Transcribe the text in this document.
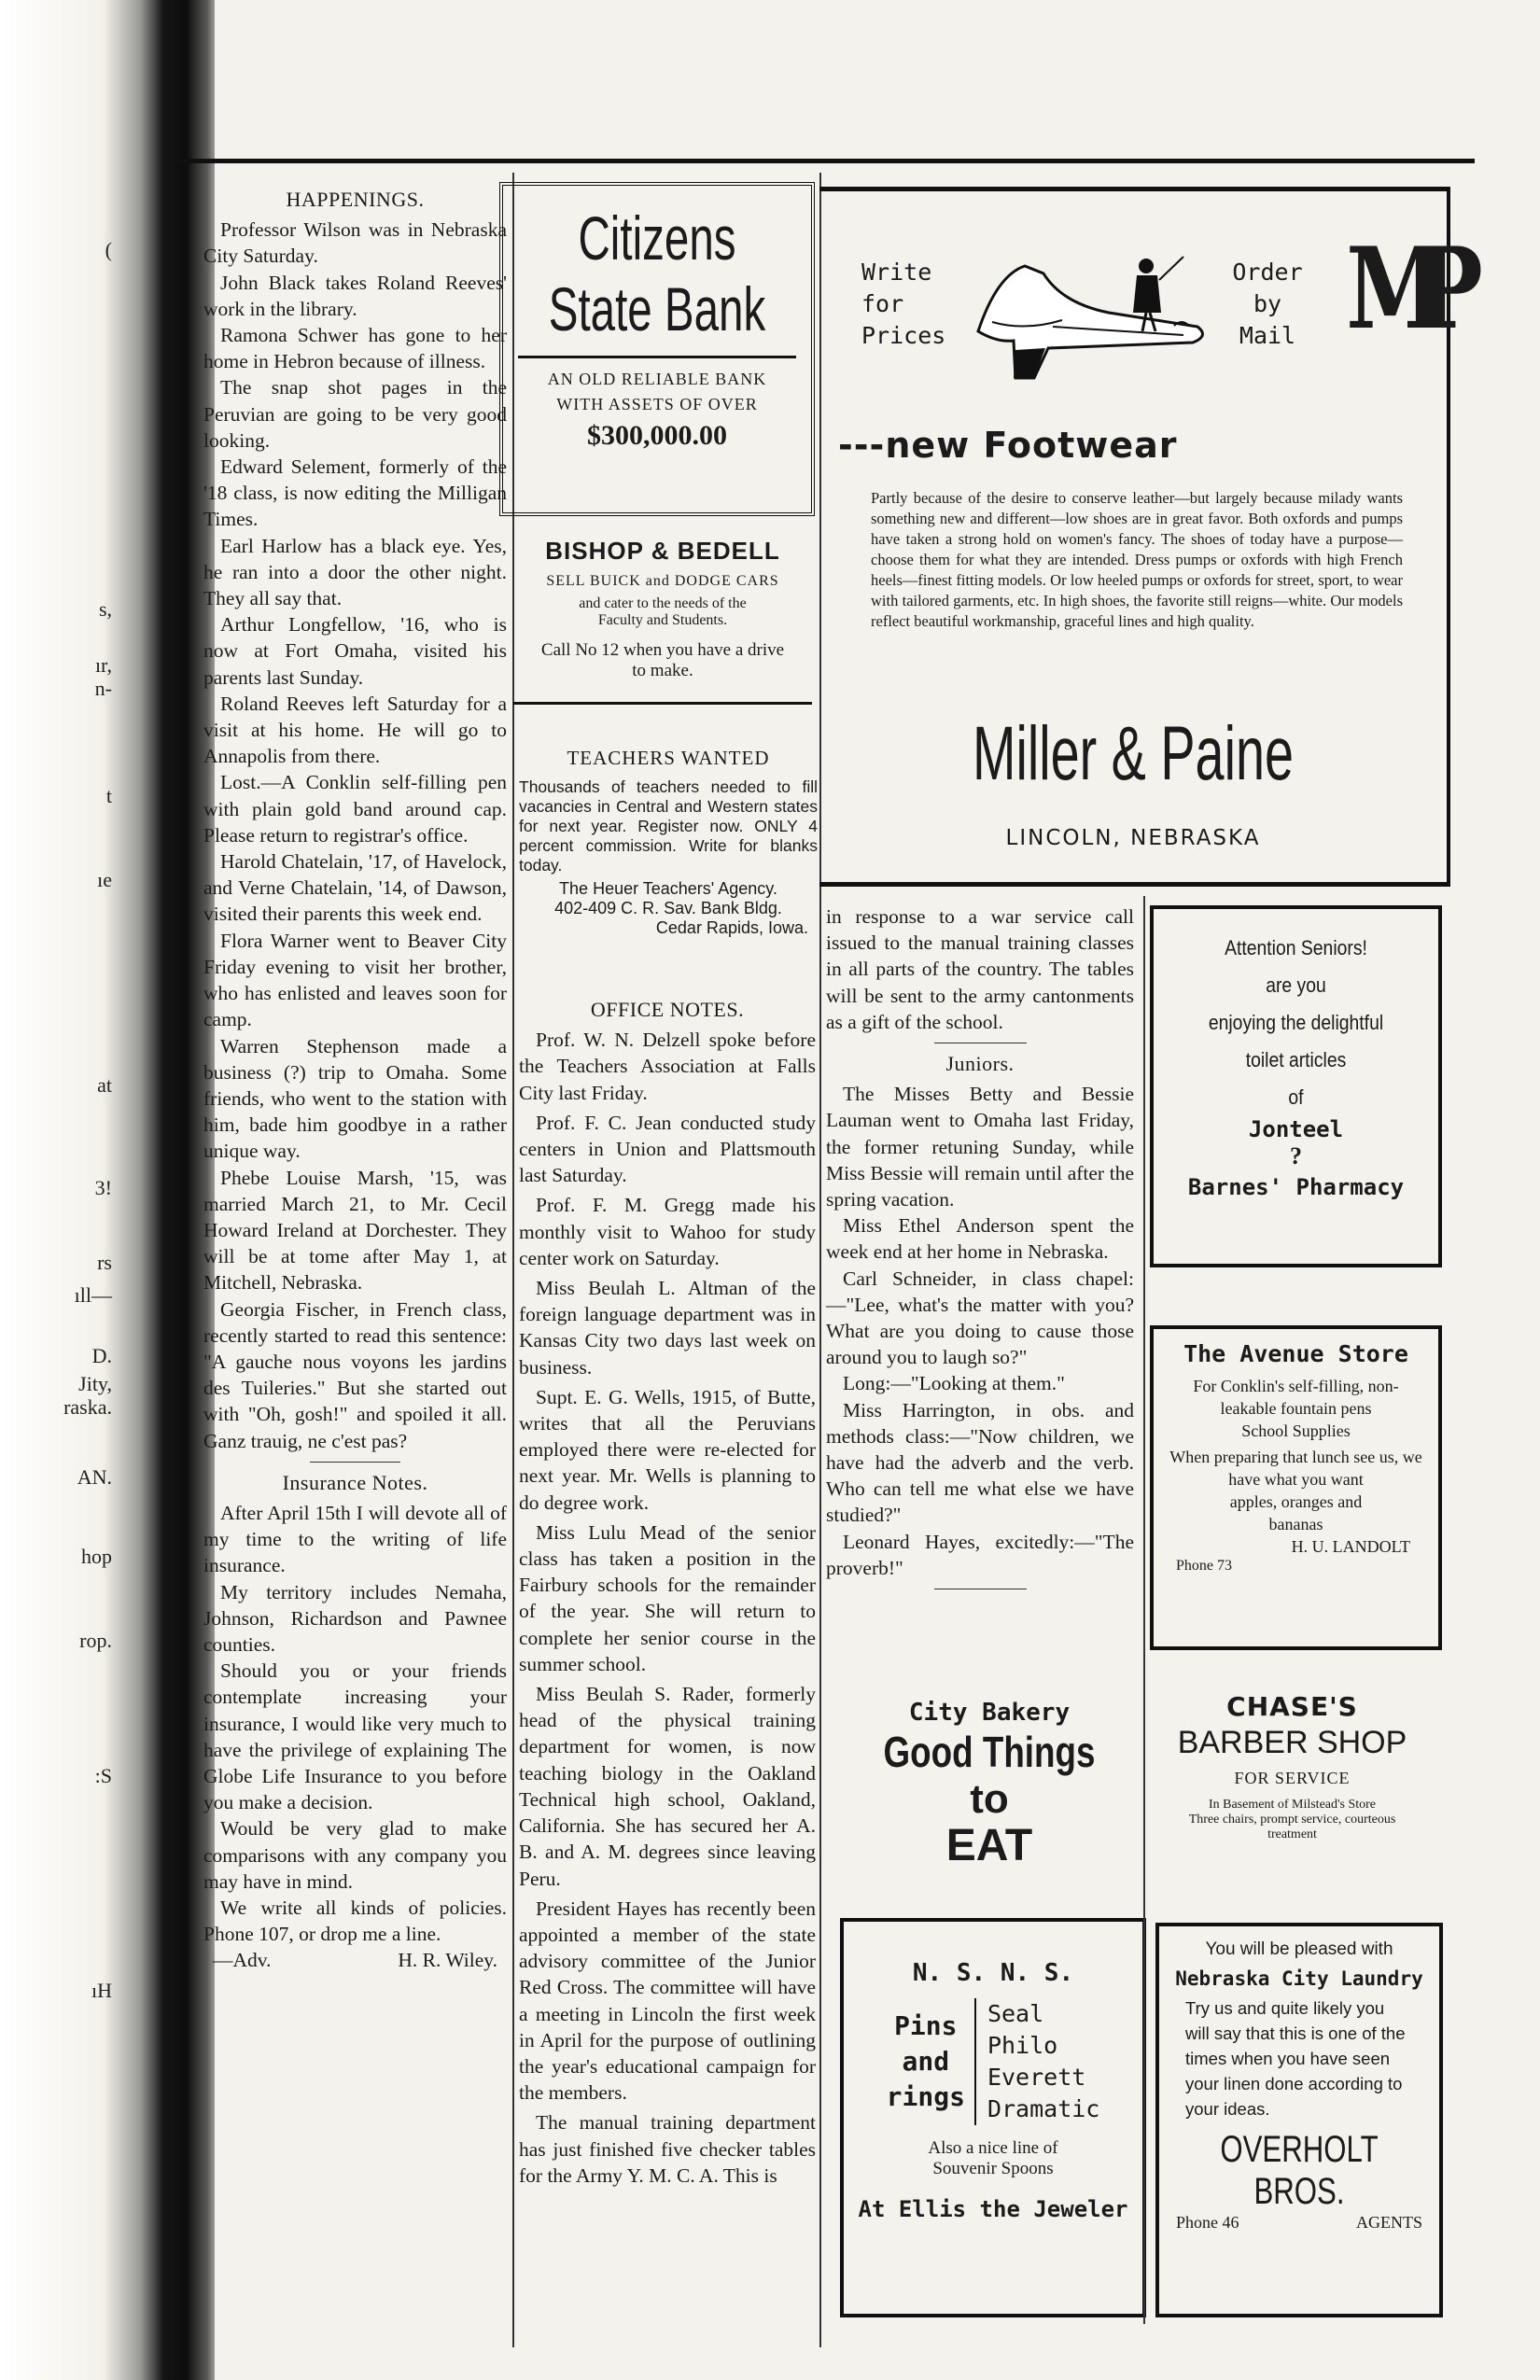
(
s,
ır,
n-
t
ıe
at
3!
rs
ıll—
D.
Jity,
raska.
AN.
hop
rop.
:S
ıH
HAPPENINGS.

Professor Wilson was in Nebraska City Saturday.

John Black takes Roland Reeves' work in the library.

Ramona Schwer has gone to her home in Hebron because of illness.

The snap shot pages in the Peruvian are going to be very good looking.

Edward Selement, formerly of the '18 class, is now editing the Milligan Times.

Earl Harlow has a black eye. Yes, he ran into a door the other night. They all say that.

Arthur Longfellow, '16, who is now at Fort Omaha, visited his parents last Sunday.

Roland Reeves left Saturday for a visit at his home. He will go to Annapolis from there.

Lost.—A Conklin self-filling pen with plain gold band around cap. Please return to registrar's office.

Harold Chatelain, '17, of Havelock, and Verne Chatelain, '14, of Dawson, visited their parents this week end.

Flora Warner went to Beaver City Friday evening to visit her brother, who has enlisted and leaves soon for camp.

Warren Stephenson made a business (?) trip to Omaha. Some friends, who went to the station with him, bade him goodbye in a rather unique way.

Phebe Louise Marsh, '15, was married March 21, to Mr. Cecil Howard Ireland at Dorchester. They will be at tome after May 1, at Mitchell, Nebraska.

Georgia Fischer, in French class, recently started to read this sentence: "A gauche nous voyons les jardins des Tuileries." But she started out with "Oh, gosh!" and spoiled it all. Ganz trauig, ne c'est pas?

Insurance Notes.

After April 15th I will devote all of my time to the writing of life insurance.

My territory includes Nemaha, Johnson, Richardson and Pawnee counties.

Should you or your friends contemplate increasing your insurance, I would like very much to have the privilege of explaining The Globe Life Insurance to you before you make a decision.

Would be very glad to make comparisons with any company you may have in mind.

We write all kinds of policies. Phone 107, or drop me a line.

—Adv.	H. R. Wiley.
Citizens
State Bank
AN OLD RELIABLE BANK
WITH ASSETS OF OVER
$300,000.00
BISHOP & BEDELL
SELL BUICK and DODGE CARS
and cater to the needs of the
Faculty and Students.
Call No 12 when you have a drive
to make.
TEACHERS WANTED
Thousands of teachers needed to fill vacancies in Central and Western states for next year. Register now. ONLY 4 percent commission. Write for blanks today.
The Heuer Teachers' Agency.
402-409 C. R. Sav. Bank Bldg.
Cedar Rapids, Iowa.
OFFICE NOTES.

Prof. W. N. Delzell spoke before the Teachers Association at Falls City last Friday.

Prof. F. C. Jean conducted study centers in Union and Plattsmouth last Saturday.

Prof. F. M. Gregg made his monthly visit to Wahoo for study center work on Saturday.

Miss Beulah L. Altman of the foreign language department was in Kansas City two days last week on business.

Supt. E. G. Wells, 1915, of Butte, writes that all the Peruvians employed there were re-elected for next year. Mr. Wells is planning to do degree work.

Miss Lulu Mead of the senior class has taken a position in the Fairbury schools for the remainder of the year. She will return to complete her senior course in the summer school.

Miss Beulah S. Rader, formerly head of the physical training department for women, is now teaching biology in the Oakland Technical high school, Oakland, California. She has secured her A. B. and A. M. degrees since leaving Peru.

President Hayes has recently been appointed a member of the state advisory committee of the Junior Red Cross. The committee will have a meeting in Lincoln the first week in April for the purpose of outlining the year's educational campaign for the members.

The manual training department has just finished five checker tables for the Army Y. M. C. A. This is

Write
for
Prices
Order
by
Mail MP
---new Footwear
Partly because of the desire to conserve leather—but largely because milady wants something new and different—low shoes are in great favor. Both oxfords and pumps have taken a strong hold on women's fancy. The shoes of today have a purpose—choose them for what they are intended. Dress pumps or oxfords with high French heels—finest fitting models. Or low heeled pumps or oxfords for street, sport, to wear with tailored garments, etc. In high shoes, the favorite still reigns—white. Our models reflect beautiful workmanship, graceful lines and high quality.
Miller & Paine
LINCOLN, NEBRASKA

in response to a war service call issued to the manual training classes in all parts of the country. The tables will be sent to the army cantonments as a gift of the school.

Juniors.

The Misses Betty and Bessie Lauman went to Omaha last Friday, the former retuning Sunday, while Miss Bessie will remain until after the spring vacation.

Miss Ethel Anderson spent the week end at her home in Nebraska.

Carl Schneider, in class chapel: —"Lee, what's the matter with you? What are you doing to cause those around you to laugh so?"

Long:—"Looking at them."

Miss Harrington, in obs. and methods class:—"Now children, we have had the adverb and the verb. Who can tell me what else we have studied?"

Leonard Hayes, excitedly:—"The proverb!"

City Bakery
Good Things
to
EAT
N. S. N. S.
Pins
and
rings
Seal
Philo
Everett
Dramatic
Also a nice line of
Souvenir Spoons
At Ellis the Jeweler
Attention Seniors!
are you
enjoying the delightful
toilet articles
of
Jonteel
?
Barnes' Pharmacy
The Avenue Store
For Conklin's self-filling, non-leakable fountain pens
School Supplies
When preparing that lunch see us, we have what you want
apples, oranges and
bananas
H. U. LANDOLT
Phone 73
CHASE'S
BARBER SHOP
FOR SERVICE
In Basement of Milstead's Store
Three chairs, prompt service, courteous treatment
You will be pleased with
Nebraska City Laundry
Try us and quite likely you will say that this is one of the times when you have seen your linen done according to your ideas.
OVERHOLT BROS.
Phone 46	AGENTS
